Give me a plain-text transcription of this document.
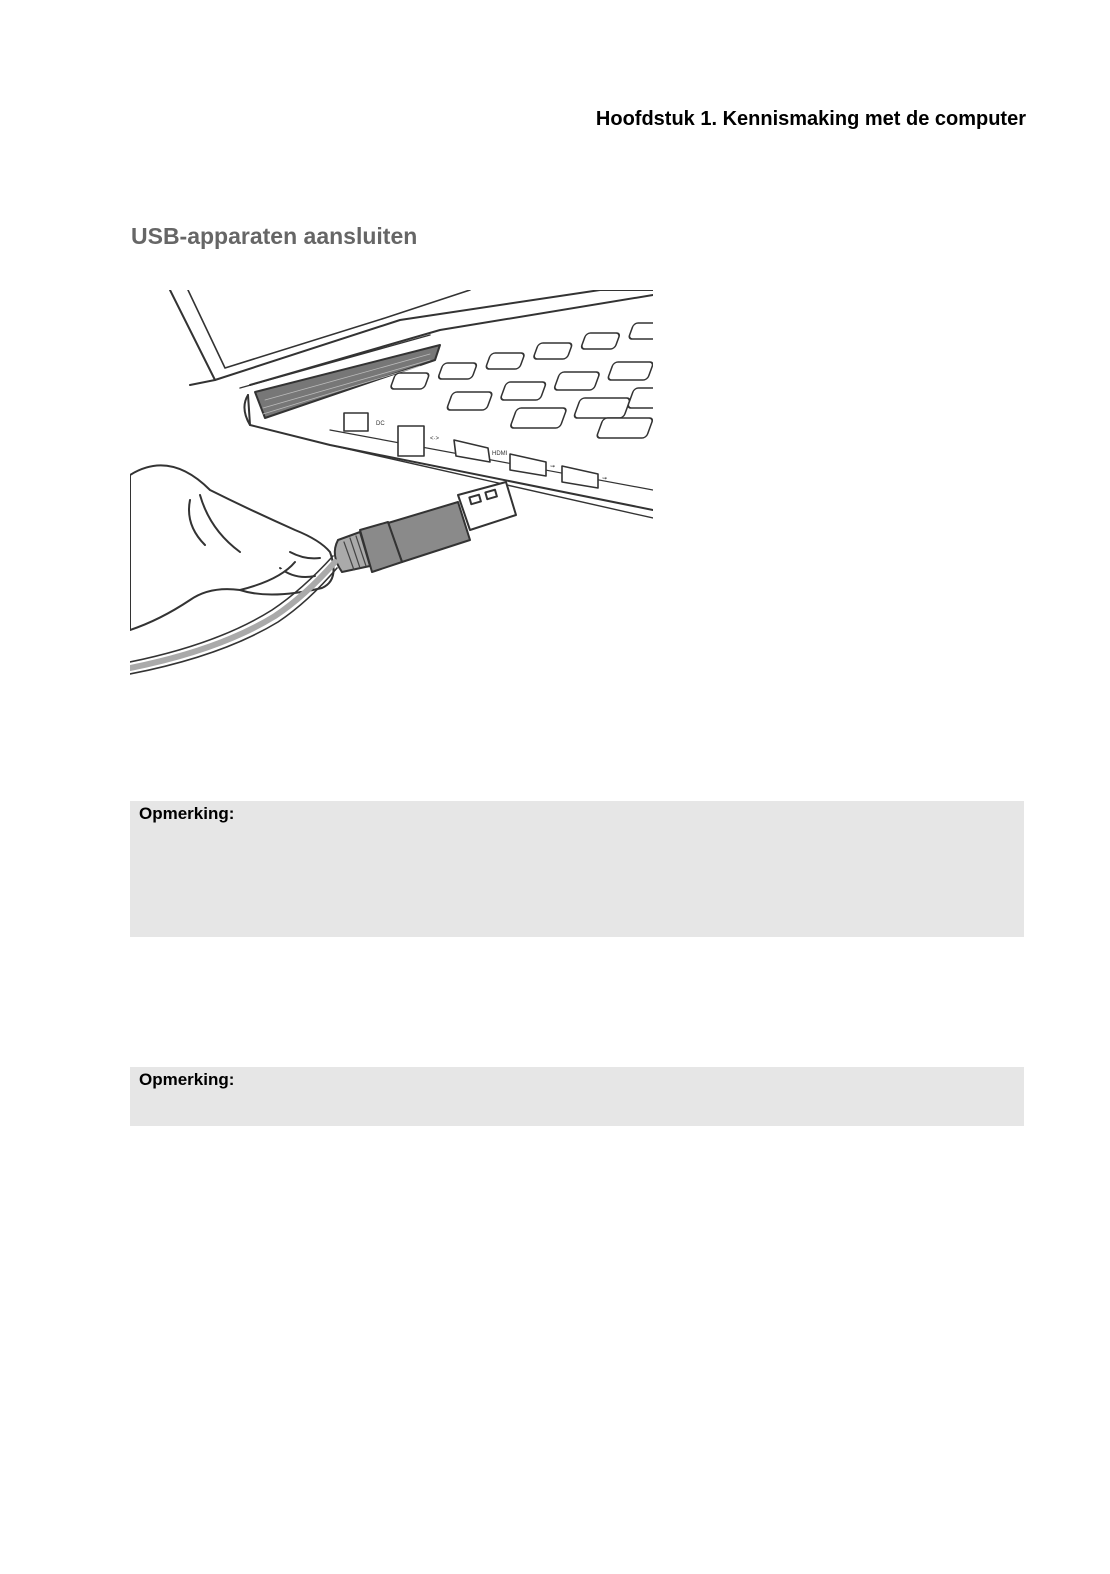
Hoofdstuk 1. Kennismaking met de computer
USB-apparaten aansluiten
DC
<·>
HDMI
⇝
⇝
Opmerking:
Opmerking:
